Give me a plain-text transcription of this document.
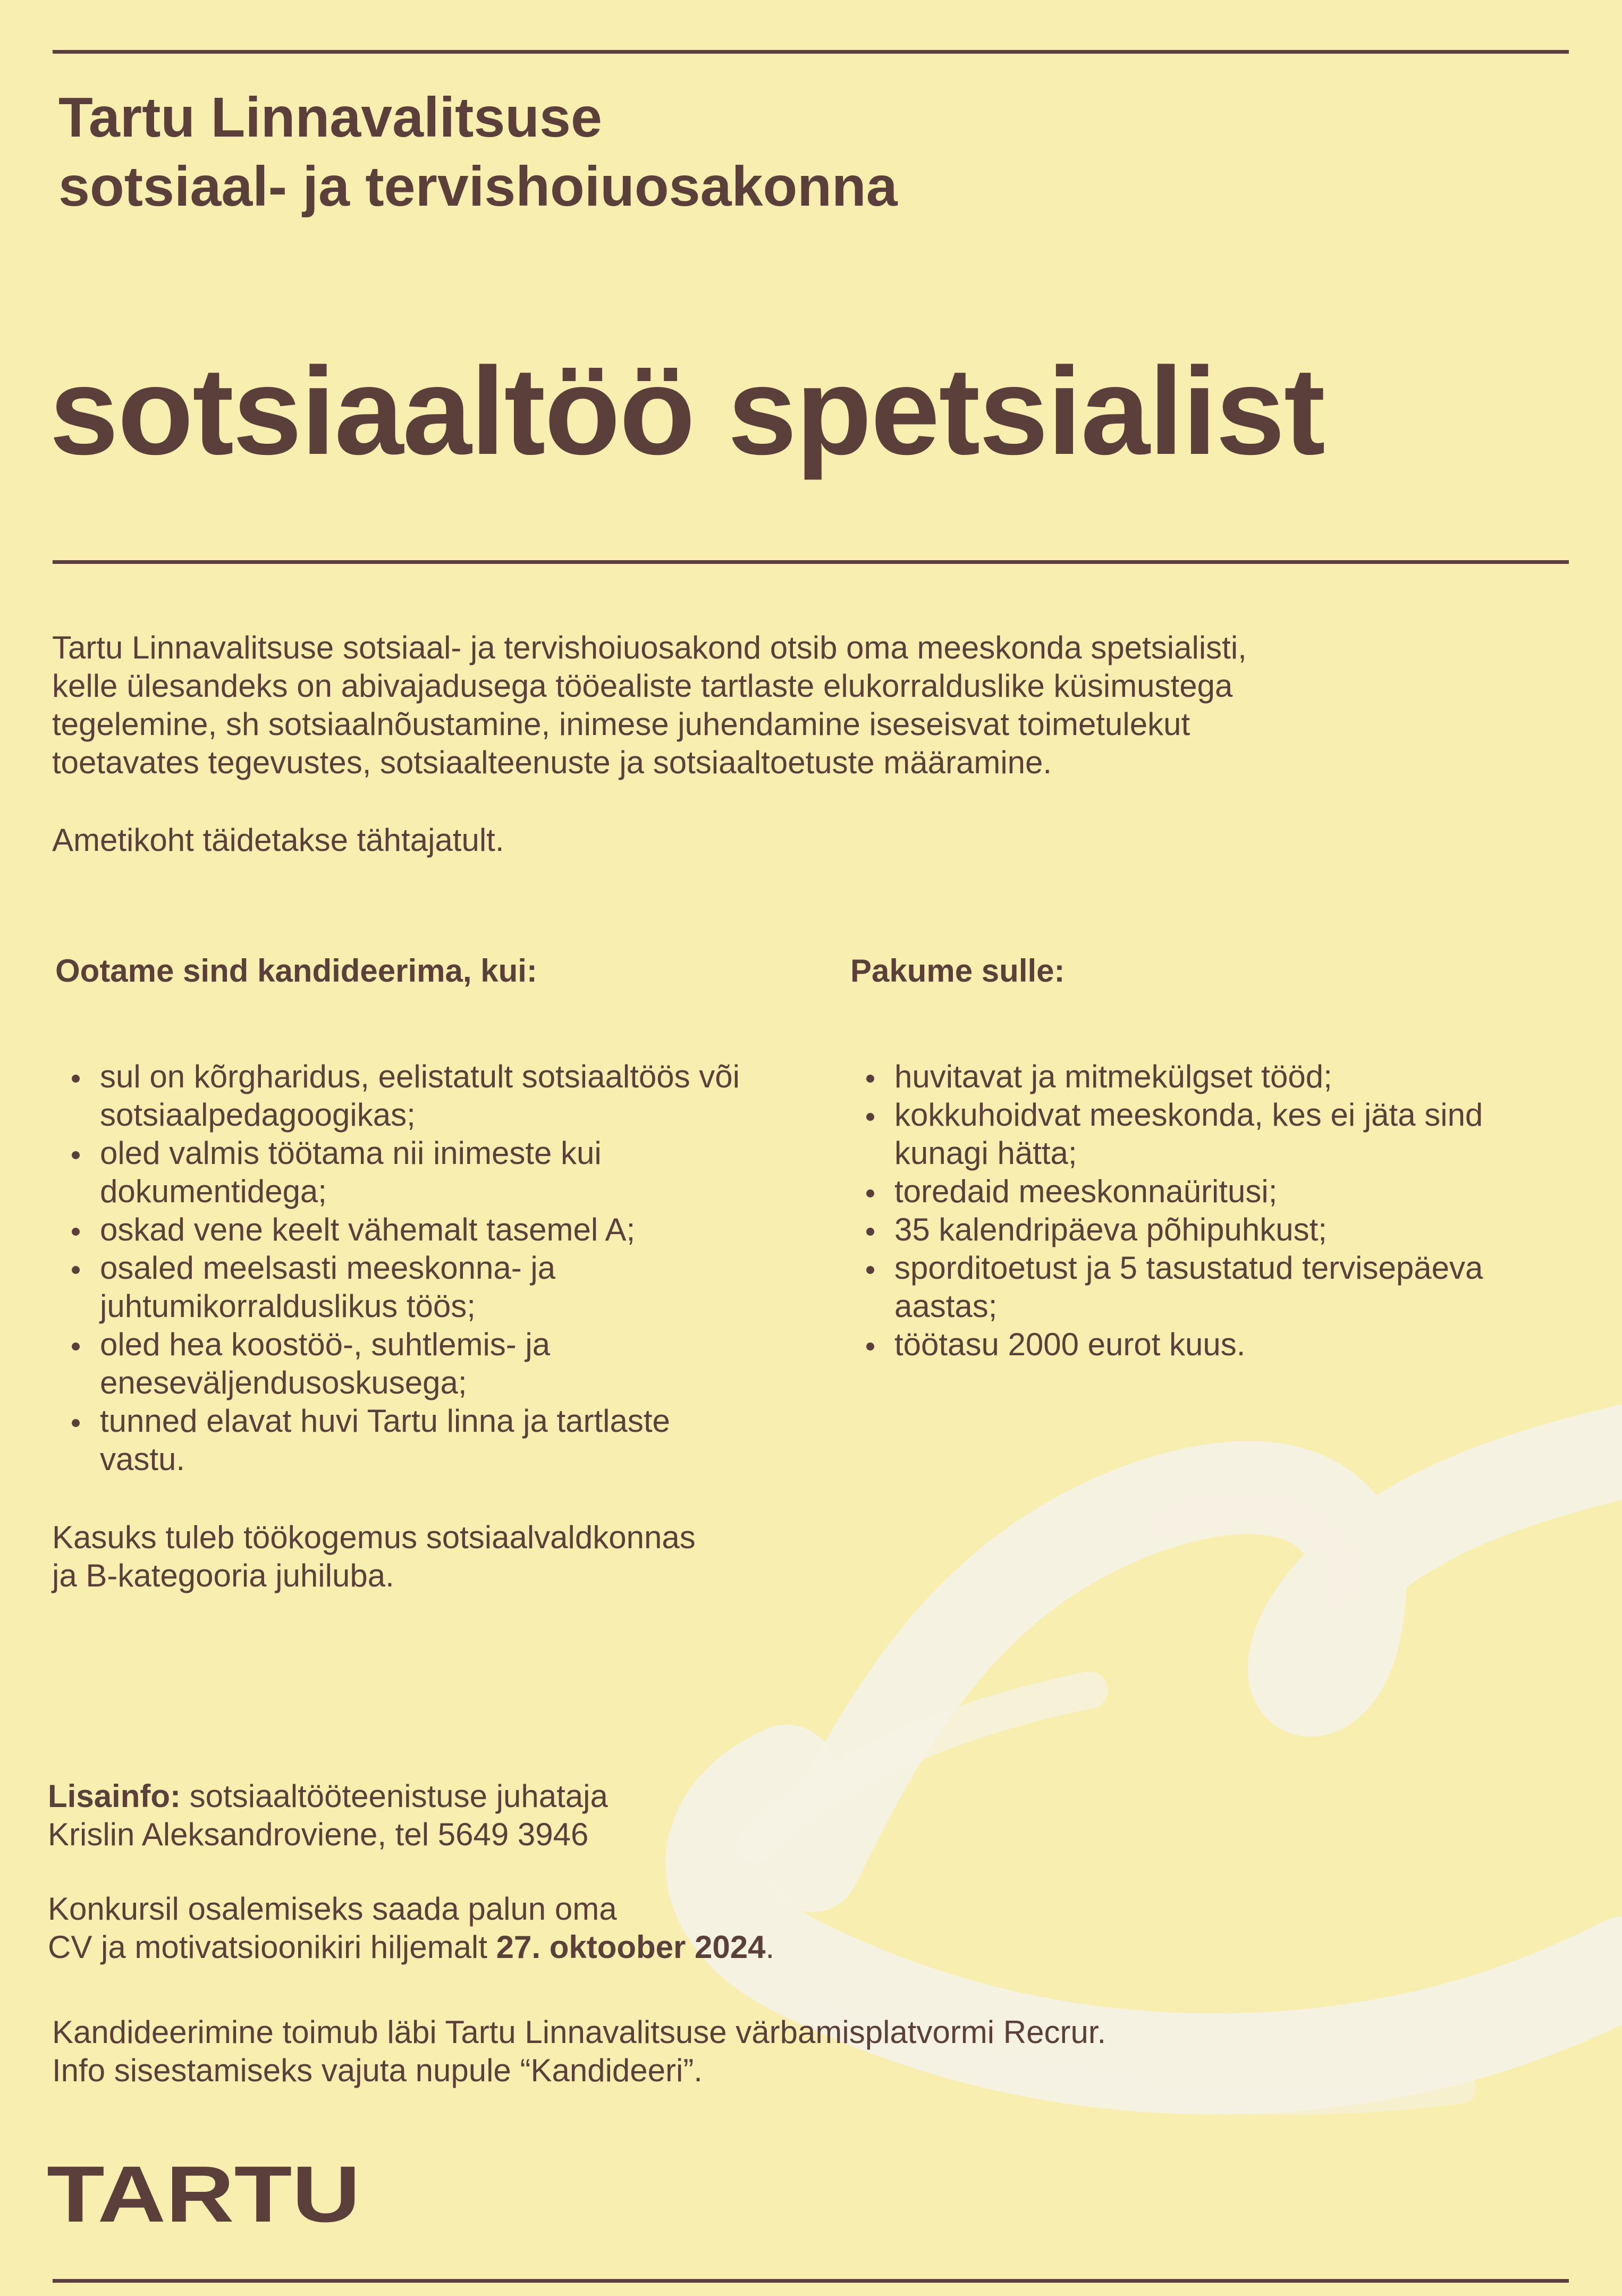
Tartu Linnavalitsuse
sotsiaal- ja tervishoiuosakonna
sotsiaaltöö spetsialist
Tartu Linnavalitsuse sotsiaal- ja tervishoiuosakond otsib oma meeskonda spetsialisti,
kelle ülesandeks on abivajadusega tööealiste tartlaste elukorralduslike küsimustega
tegelemine, sh sotsiaalnõustamine, inimese juhendamine iseseisvat toimetulekut
toetavates tegevustes, sotsiaalteenuste ja sotsiaaltoetuste määramine.
Ametikoht täidetakse tähtajatult.
Ootame sind kandideerima, kui:
sul on kõrgharidus, eelistatult sotsiaaltöös või
sotsiaalpedagoogikas;
oled valmis töötama nii inimeste kui
dokumentidega;
oskad vene keelt vähemalt tasemel A;
osaled meelsasti meeskonna- ja
juhtumikorralduslikus töös;
oled hea koostöö-, suhtlemis- ja
eneseväljendusoskusega;
tunned elavat huvi Tartu linna ja tartlaste
vastu.
Kasuks tuleb töökogemus sotsiaalvaldkonnas
ja B-kategooria juhiluba.
Pakume sulle:
huvitavat ja mitmekülgset tööd;
kokkuhoidvat meeskonda, kes ei jäta sind
kunagi hätta;
toredaid meeskonnaüritusi;
35 kalendripäeva põhipuhkust;
sporditoetust ja 5 tasustatud tervisepäeva
aastas;
töötasu 2000 eurot kuus.
Lisainfo: sotsiaaltööteenistuse juhataja
Krislin Aleksandroviene, tel 5649 3946
Konkursil osalemiseks saada palun oma
CV ja motivatsioonikiri hiljemalt 27. oktoober 2024.
Kandideerimine toimub läbi Tartu Linnavalitsuse värbamisplatvormi Recrur.
Info sisestamiseks vajuta nupule “Kandideeri”.
TARTU
